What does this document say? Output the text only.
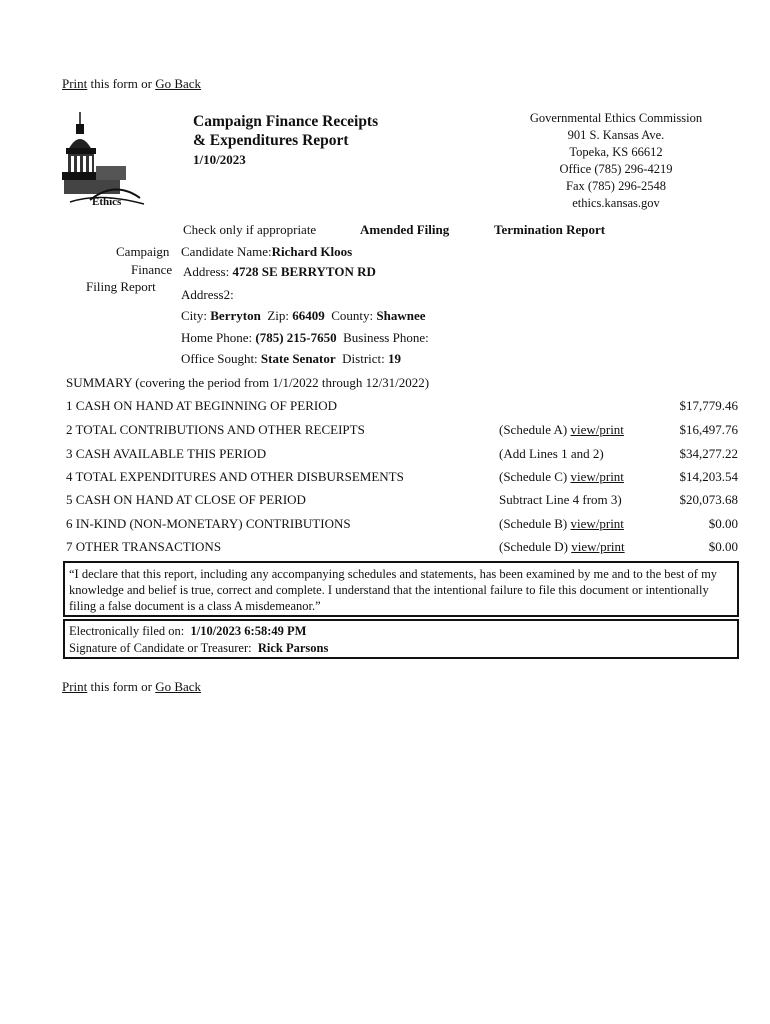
Print this form or Go Back
Ethics
Campaign Finance Receipts
& Expenditures Report
1/10/2023
Governmental Ethics Commission
901 S. Kansas Ave.
Topeka, KS 66612
Office (785) 296-4219
Fax (785) 296-2548
ethics.kansas.gov
Check only if appropriate	Amended Filing	Termination Report
Campaign
Finance
Filing Report
Candidate Name:Richard Kloos
Address: 4728 SE BERRYTON RD
Address2:
City: Berryton Zip: 66409 County: Shawnee
Home Phone: (785) 215-7650 Business Phone:
Office Sought: State Senator District: 19
SUMMARY (covering the period from 1/1/2022 through 12/31/2022)
1 CASH ON HAND AT BEGINNING OF PERIOD	$17,779.46
2 TOTAL CONTRIBUTIONS AND OTHER RECEIPTS	(Schedule A) view/print	$16,497.76
3 CASH AVAILABLE THIS PERIOD	(Add Lines 1 and 2)	$34,277.22
4 TOTAL EXPENDITURES AND OTHER DISBURSEMENTS	(Schedule C) view/print	$14,203.54
5 CASH ON HAND AT CLOSE OF PERIOD	Subtract Line 4 from 3)	$20,073.68
6 IN-KIND (NON-MONETARY) CONTRIBUTIONS	(Schedule B) view/print	$0.00
7 OTHER TRANSACTIONS	(Schedule D) view/print	$0.00
“I declare that this report, including any accompanying schedules and statements, has been examined by me and to the best of my knowledge and belief is true, correct and complete. I understand that the intentional failure to file this document or intentionally filing a false document is a class A misdemeanor.”
Electronically filed on: 1/10/2023 6:58:49 PM
Signature of Candidate or Treasurer: Rick Parsons
Print this form or Go Back
